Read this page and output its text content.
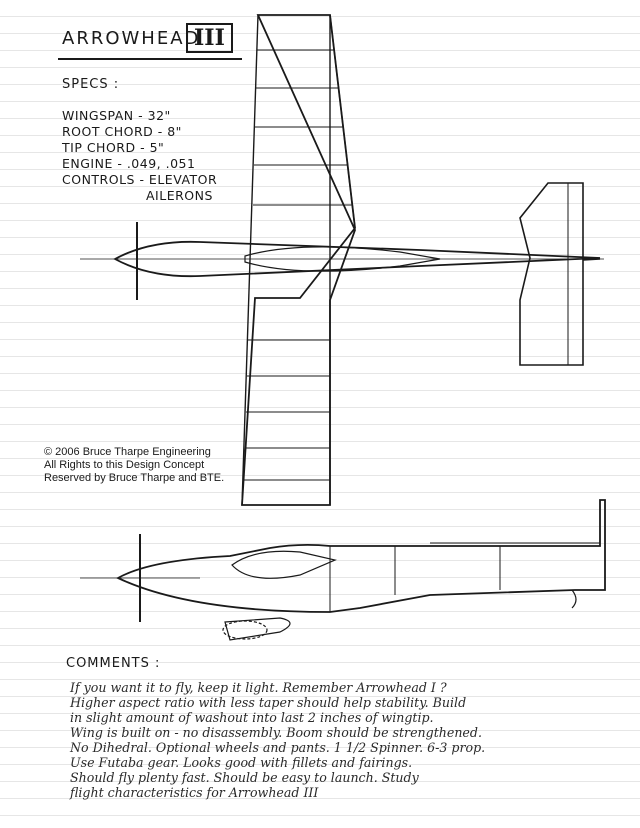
ARROWHEAD
III
SPECS :
WINGSPAN - 32"
ROOT CHORD - 8"
TIP CHORD - 5"
ENGINE - .049, .051
CONTROLS - ELEVATOR
AILERONS
© 2006 Bruce Tharpe Engineering
All Rights to this Design Concept
Reserved by Bruce Tharpe and BTE.
COMMENTS :
If you want it to fly, keep it light. Remember Arrowhead I ?
Higher aspect ratio with less taper should help stability. Build
in slight amount of washout into last 2 inches of wingtip.
Wing is built on - no disassembly. Boom should be strengthened.
No Dihedral. Optional wheels and pants. 1 1/2 Spinner. 6-3 prop.
Use Futaba gear. Looks good with fillets and fairings.
Should fly plenty fast. Should be easy to launch. Study
flight characteristics for Arrowhead III
